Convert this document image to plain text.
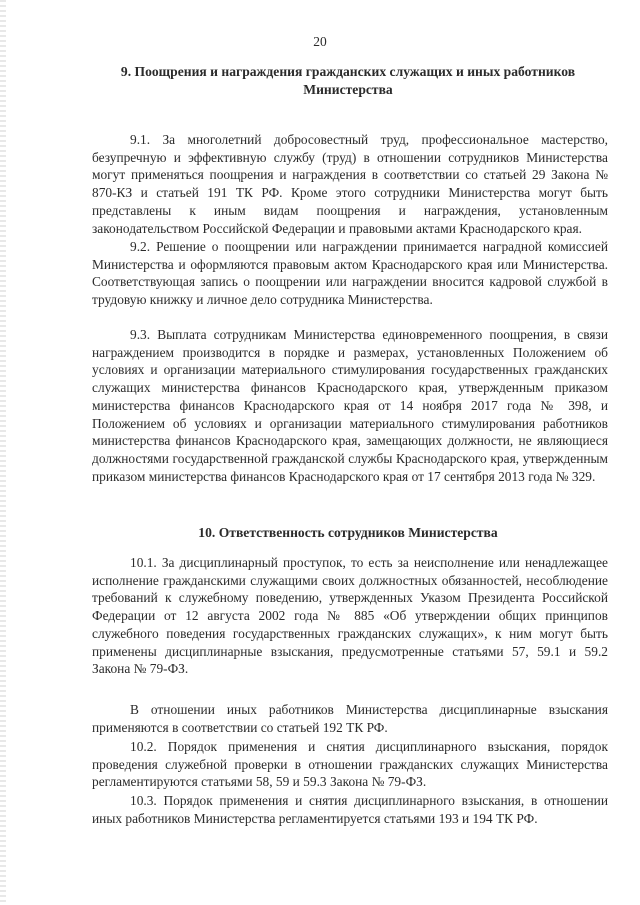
20
9. Поощрения и награждения гражданских служащих и иных работников Министерства

9.1. За многолетний добросовестный труд, профессиональное мастерство, безупречную и эффективную службу (труд) в отношении сотрудников Министерства могут применяться поощрения и награждения в соответствии со статьей 29 Закона № 870-КЗ и статьей 191 ТК РФ. Кроме этого сотрудники Министерства могут быть представлены к иным видам поощрения и награждения, установленным законодательством Российской Федерации и правовыми актами Краснодарского края.

9.2. Решение о поощрении или награждении принимается наградной комиссией Министерства и оформляются правовым актом Краснодарского края или Министерства. Соответствующая запись о поощрении или награждении вносится кадровой службой в трудовую книжку и личное дело сотрудника Министерства.

9.3. Выплата сотрудникам Министерства единовременного поощрения, в связи награждением производится в порядке и размерах, установленных Положением об условиях и организации материального стимулирования государственных гражданских служащих министерства финансов Краснодарского края, утвержденным приказом министерства финансов Краснодарского края от 14 ноября 2017 года № 398, и Положением об условиях и организации материального стимулирования работников министерства финансов Краснодарского края, замещающих должности, не являющиеся должностями государственной гражданской службы Краснодарского края, утвержденным приказом министерства финансов Краснодарского края от 17 сентября 2013 года № 329.

10. Ответственность сотрудников Министерства

10.1. За дисциплинарный проступок, то есть за неисполнение или ненадлежащее исполнение гражданскими служащими своих должностных обязанностей, несоблюдение требований к служебному поведению, утвержденных Указом Президента Российской Федерации от 12 августа 2002 года № 885 «Об утверждении общих принципов служебного поведения государственных гражданских служащих», к ним могут быть применены дисциплинарные взыскания, предусмотренные статьями 57, 59.1 и 59.2 Закона № 79-ФЗ.

В отношении иных работников Министерства дисциплинарные взыскания применяются в соответствии со статьей 192 ТК РФ.

10.2. Порядок применения и снятия дисциплинарного взыскания, порядок проведения служебной проверки в отношении гражданских служащих Министерства регламентируются статьями 58, 59 и 59.3 Закона № 79-ФЗ.

10.3. Порядок применения и снятия дисциплинарного взыскания, в отношении иных работников Министерства регламентируется статьями 193 и 194 ТК РФ.
